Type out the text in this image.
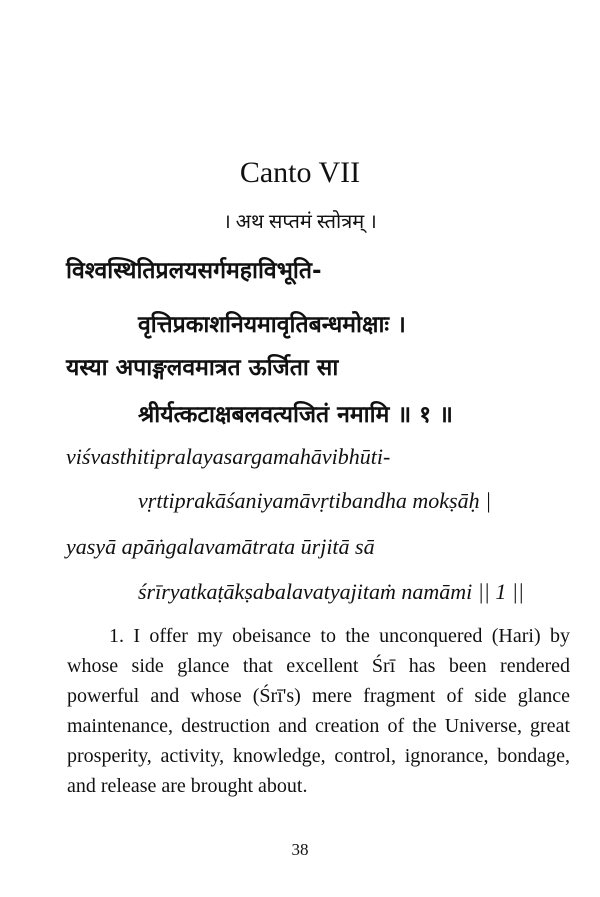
Canto VII
। अथ सप्तमं स्तोत्रम् ।
विश्वस्थितिप्रलयसर्गमहाविभूति-
वृत्तिप्रकाशनियमावृतिबन्धमोक्षाः ।
यस्या अपाङ्गलवमात्रत ऊर्जिता सा
श्रीर्यत्कटाक्षबलवत्यजितं नमामि ॥ १ ॥
viśvasthitipralayasargamahāvibhūti-
vṛttiprakāśaniyamāvṛtibandha mokṣāḥ |
yasyā apāṅgalavamātrata ūrjitā sā
śrīryatkaṭākṣabalavatyajitaṁ namāmi || 1 ||

1. I offer my obeisance to the unconquered (Hari) by whose side glance that excellent Śrī has been rendered powerful and whose (Śrī's) mere fragment of side glance maintenance, destruction and creation of the Universe, great prosperity, activity, knowledge, control, ignorance, bondage, and release are brought about.

38
